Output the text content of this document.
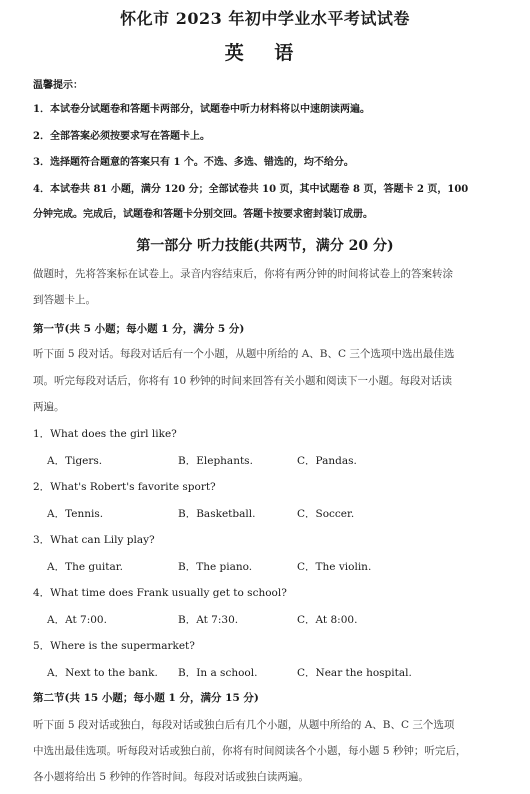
怀化市 2023 年初中学业水平考试试卷
英 语
温馨提示：
1．本试卷分试题卷和答题卡两部分，试题卷中听力材料将以中速朗读两遍。
2．全部答案必须按要求写在答题卡上。
3．选择题符合题意的答案只有 1 个。不选、多选、错选的，均不给分。
4．本试卷共 81 小题，满分 120 分；全部试卷共 10 页，其中试题卷 8 页，答题卡 2 页，100
分钟完成。完成后，试题卷和答题卡分别交回。答题卡按要求密封装订成册。
第一部分 听力技能(共两节，满分 20 分)
做题时，先将答案标在试卷上。录音内容结束后，你将有两分钟的时间将试卷上的答案转涂
到答题卡上。
第一节(共 5 小题；每小题 1 分，满分 5 分)
听下面 5 段对话。每段对话后有一个小题，从题中所给的 A、B、C 三个选项中选出最佳选
项。听完每段对话后，你将有 10 秒钟的时间来回答有关小题和阅读下一小题。每段对话读
两遍。
1．What does the girl like?
A．Tigers.	B．Elephants.	C．Pandas.
2．What's Robert's favorite sport?
A．Tennis.	B．Basketball.	C．Soccer.
3．What can Lily play?
A．The guitar.	B．The piano.	C．The violin.
4．What time does Frank usually get to school?
A．At 7:00.	B．At 7:30.	C．At 8:00.
5．Where is the supermarket?
A．Next to the bank. B．In a school.	C．Near the hospital.
第二节(共 15 小题；每小题 1 分，满分 15 分)
听下面 5 段对话或独白，每段对话或独白后有几个小题，从题中所给的 A、B、C 三个选项
中选出最佳选项。听每段对话或独白前，你将有时间阅读各个小题，每小题 5 秒钟；听完后，
各小题将给出 5 秒钟的作答时间。每段对话或独白读两遍。
